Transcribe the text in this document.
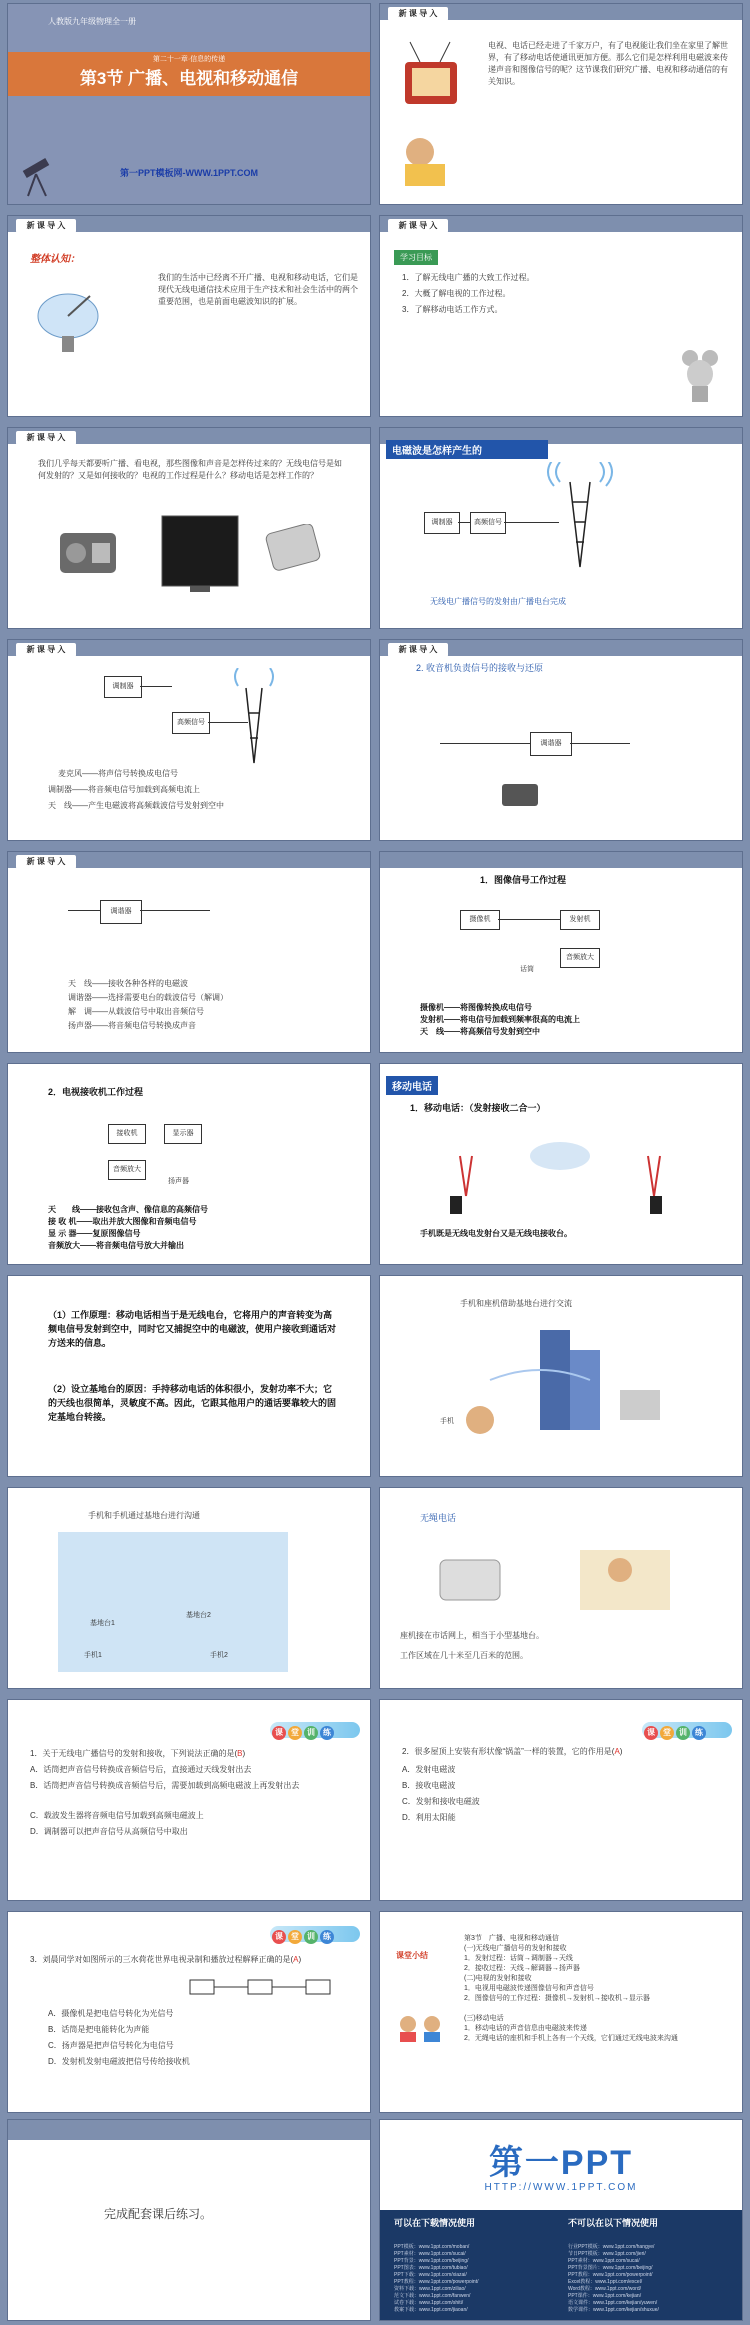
人教版九年级物理全一册
第二十一章·信息的传递
第3节 广播、电视和移动通信
第一PPT模板网-WWW.1PPT.COM
新 课 导 入
电视、电话已经走进了千家万户，有了电视能让我们坐在家里了解世界，有了移动电话使通讯更加方便。那么它们是怎样利用电磁波来传递声音和图像信号的呢？这节课我们研究广播、电视和移动通信的有关知识。
新 课 导 入
整体认知：
我们的生活中已经离不开广播、电视和移动电话，它们是现代无线电通信技术应用于生产技术和社会生活中的两个重要范围，也是前面电磁波知识的扩展。
新 课 导 入
学习目标
1．了解无线电广播的大致工作过程。
2．大概了解电视的工作过程。
3．了解移动电话工作方式。
新 课 导 入
我们几乎每天都要听广播、看电视，那些图像和声音是怎样传过来的？无线电信号是如何发射的？又是如何接收的？电视的工作过程是什么？移动电话是怎样工作的？
电磁波是怎样产生的
调制器	高频信号
无线电广播信号的发射由广播电台完成
调制器
高频信号
麦克风——将声信号转换成电信号
调制器——将音频电信号加载到高频电流上
天　线——产生电磁波将高频载波信号发射到空中
新 课 导 入
2. 收音机负责信号的接收与还原
调谐器
新 课 导 入
调谐器
天　线——接收各种各样的电磁波
调谐器——选择需要电台的载波信号（解调）
解　调——从载波信号中取出音频信号
扬声器——将音频电信号转换成声音
新 课 导 入
1．图像信号工作过程
摄像机	发射机
音频放大
话筒
摄像机——将图像转换成电信号
发射机——将电信号加载到频率很高的电流上
天　线——将高频信号发射到空中
2．电视接收机工作过程
接收机	显示器
音频放大
扬声器
天　　线——接收包含声、像信息的高频信号
接 收 机——取出并放大图像和音频电信号
显 示 器——复原图像信号
音频放大——将音频电信号放大并输出
移动电话
1．移动电话：（发射接收二合一）
手机既是无线电发射台又是无线电接收台。
（1）工作原理：移动电话相当于是无线电台，它将用户的声音转变为高频电信号发射到空中，同时它又捕捉空中的电磁波，使用户接收到通话对方送来的信息。
（2）设立基地台的原因：手持移动电话的体积很小，发射功率不大；它的天线也很简单，灵敏度不高。因此，它跟其他用户的通话要靠较大的固定基地台转接。
手机和座机借助基地台进行交流
手机
手机和手机通过基地台进行沟通
基地台1
基地台2
手机1	手机2
无绳电话
座机接在市话网上，相当于小型基地台。
工作区域在几十米至几百米的范围。
课 堂 训 练
1．关于无线电广播信号的发射和接收，下列说法正确的是(B)
A．话筒把声音信号转换成音频信号后，直接通过天线发射出去
B．话筒把声音信号转换成音频信号后，需要加载到高频电磁波上再发射出去
C．载波发生器将音频电信号加载到高频电磁波上
D．调制器可以把声音信号从高频信号中取出
课 堂 训 练
2．很多屋顶上安装有形状像“锅盖”一样的装置，它的作用是(A)
A．发射电磁波
B．接收电磁波
C．发射和接收电磁波
D．利用太阳能
课 堂 训 练
3．刘晨同学对如图所示的三水荷花世界电视录制和播放过程解释正确的是(A)
A．摄像机是把电信号转化为光信号
B．话筒是把电能转化为声能
C．扬声器是把声信号转化为电信号
D．发射机发射电磁波把信号传给接收机
课堂小结
第3节　广播、电视和移动通信
(一)无线电广播信号的发射和接收
1．发射过程：话筒→调制器→天线
2．接收过程：天线→解调器→扬声器
(二)电视的发射和接收
1．电视用电磁波传递图像信号和声音信号
2．图像信号的工作过程：摄像机→发射机→接收机→显示器
(三)移动电话
1．移动电话的声音信息由电磁波来传递
2．无绳电话的座机和手机上各有一个天线，它们通过无线电波来沟通
完成配套课后练习。
第一PPT
HTTP://WWW.1PPT.COM
可以在下载情况使用	不可以在以下情况使用
PPT模板：www.1ppt.com/moban/
PPT素材：www.1ppt.com/sucai/
PPT背景：www.1ppt.com/beijing/
PPT图表：www.1ppt.com/tubiao/
PPT下载：www.1ppt.com/xiazai/
PPT教程：www.1ppt.com/powerpoint/
资料下载：www.1ppt.com/ziliao/
范文下载：www.1ppt.com/fanwen/
试卷下载：www.1ppt.com/shiti/
教案下载：www.1ppt.com/jiaoan/
行业PPT模板：www.1ppt.com/hangye/
节日PPT模板：www.1ppt.com/jieri/
PPT素材：www.1ppt.com/sucai/
PPT背景图片：www.1ppt.com/beijing/
PPT教程：www.1ppt.com/powerpoint/
Excel教程：www.1ppt.com/excel/
Word教程：www.1ppt.com/word/
PPT课件：www.1ppt.com/kejian/
语文课件：www.1ppt.com/kejian/yuwen/
数学课件：www.1ppt.com/kejian/shuxue/
